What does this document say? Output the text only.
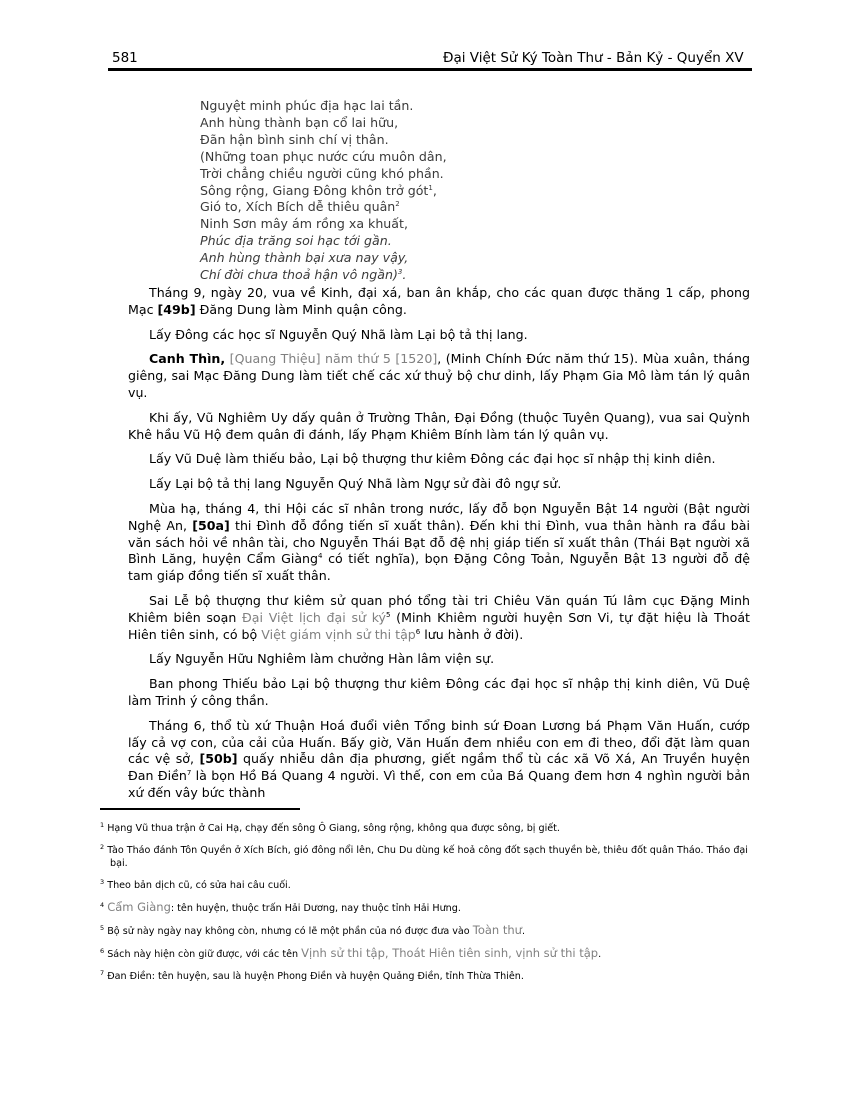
581	Đại Việt Sử Ký Toàn Thư - Bản Kỷ - Quyển XV
Nguyệt minh phúc địa hạc lai tần.
Anh hùng thành bạn cổ lai hữu,
Đãn hận bình sinh chí vị thân.
(Những toan phục nước cứu muôn dân,
Trời chẳng chiều người cũng khó phần.
Sông rộng, Giang Đông khôn trở gót$^1$,
Gió to, Xích Bích dễ thiêu quân$^2$
Ninh Sơn mây ám rồng xa khuất,
Phúc địa trăng soi hạc tới gần.
Anh hùng thành bại xưa nay vậy,
Chí đời chưa thoả hận vô ngần)$^3$.

Tháng 9, ngày 20, vua về Kinh, đại xá, ban ân khắp, cho các quan được thăng 1 cấp, phong Mạc [49b] Đăng Dung làm Minh quận công.

Lấy Đông các học sĩ Nguyễn Quý Nhã làm Lại bộ tả thị lang.

Canh Thìn, [Quang Thiệu] năm thứ 5 [1520], (Minh Chính Đức năm thứ 15). Mùa xuân, tháng giêng, sai Mạc Đăng Dung làm tiết chế các xứ thuỷ bộ chư dinh, lấy Phạm Gia Mô làm tán lý quân vụ.

Khi ấy, Vũ Nghiêm Uy dấy quân ở Trường Thân, Đại Đồng (thuộc Tuyên Quang), vua sai Quỳnh Khê hầu Vũ Hộ đem quân đi đánh, lấy Phạm Khiêm Bính làm tán lý quân vụ.

Lấy Vũ Duệ làm thiếu bảo, Lại bộ thượng thư kiêm Đông các đại học sĩ nhập thị kinh diên.

Lấy Lại bộ tả thị lang Nguyễn Quý Nhã làm Ngự sử đài đô ngự sử.

Mùa hạ, tháng 4, thi Hội các sĩ nhân trong nước, lấy đỗ bọn Nguyễn Bật 14 người (Bật người Nghệ An, [50a] thi Đình đỗ đồng tiến sĩ xuất thân). Đến khi thi Đình, vua thân hành ra đầu bài văn sách hỏi về nhân tài, cho Nguyễn Thái Bạt đỗ đệ nhị giáp tiến sĩ xuất thân (Thái Bạt người xã Bình Lăng, huyện Cẩm Giàng$^4$ có tiết nghĩa), bọn Đặng Công Toản, Nguyễn Bật 13 người đỗ đệ tam giáp đồng tiến sĩ xuất thân.

Sai Lễ bộ thượng thư kiêm sử quan phó tổng tài tri Chiêu Văn quán Tú lâm cục Đặng Minh Khiêm biên soạn Đại Việt lịch đại sử $ký^5$ (Minh Khiêm người huyện Sơn Vi, tự đặt hiệu là Thoát Hiên tiên sinh, có bộ Việt giám vịnh sử thi tập$^6$ lưu hành ở đời).

Lấy Nguyễn Hữu Nghiêm làm chưởng Hàn lâm viện sự.

Ban phong Thiếu bảo Lại bộ thượng thư kiêm Đông các đại học sĩ nhập thị kinh diên, Vũ Duệ làm Trinh ý công thần.

Tháng 6, thổ tù xứ Thuận Hoá đuổi viên Tổng binh sứ Đoan Lương bá Phạm Văn Huấn, cướp lấy cả vợ con, của cải của Huấn. Bấy giờ, Văn Huấn đem nhiều con em đi theo, đổi đặt làm quan các vệ sở, [50b] quấy nhiễu dân địa phương, giết ngầm thổ tù các xã Võ Xá, An Truyền huyện Đan Điền$^7$ là bọn Hồ Bá Quang 4 người. Vì thế, con em của Bá Quang đem hơn 4 nghìn người bản xứ đến vây bức thành

$^1$ Hạng Vũ thua trận ở Cai Hạ, chạy đến sông Ô Giang, sông rộng, không qua được sông, bị giết.

$^2$ Tào Tháo đánh Tôn Quyền ở Xích Bích, gió đông nổi lên, Chu Du dùng kế hoả công đốt sạch thuyền bè, thiêu đốt quân Tháo. Tháo đại bại.

$^3$ Theo bản dịch cũ, có sửa hai câu cuối.

$^4$ Cẩm Giàng: tên huyện, thuộc trấn Hải Dương, nay thuộc tỉnh Hải Hưng.

$^5$ Bộ sử này ngày nay không còn, nhưng có lẽ một phần của nó được đưa vào Toàn thư.

$^6$ Sách này hiện còn giữ được, với các tên Vịnh sử thi tập, Thoát Hiên tiên sinh, vịnh sử thi tập.

$^7$ Đan Điền: tên huyện, sau là huyện Phong Điền và huyện Quảng Điền, tỉnh Thừa Thiên.
